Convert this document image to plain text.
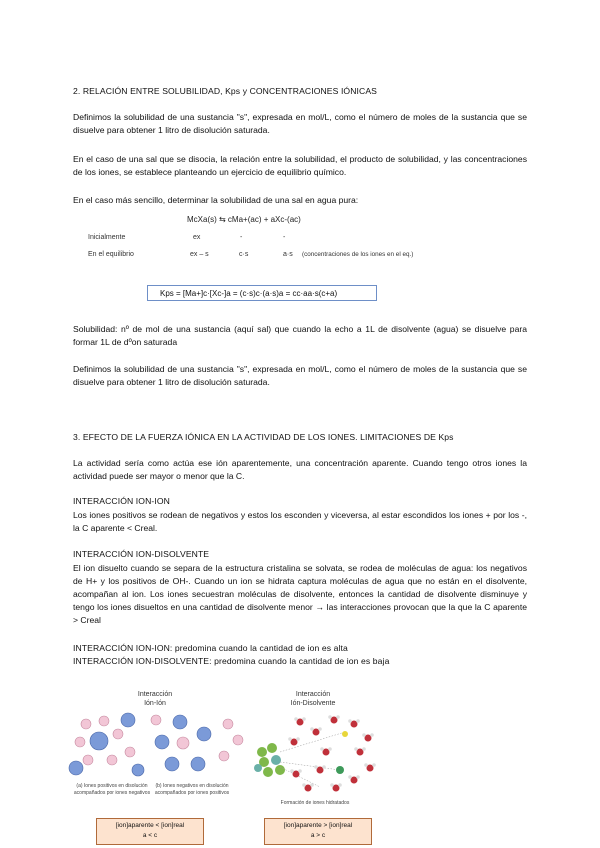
2. RELACIÓN ENTRE SOLUBILIDAD, Kps y CONCENTRACIONES IÓNICAS

Definimos la solubilidad de una sustancia "s", expresada en mol/L, como el número de moles de la sustancia que se disuelve para obtener 1 litro de disolución saturada.

En el caso de una sal que se disocia, la relación entre la solubilidad, el producto de solubilidad, y las concentraciones de los iones, se establece planteando un ejercicio de equilibrio químico.

En el caso más sencillo, determinar la solubilidad de una sal en agua pura:

McXa(s) ⇆ cMa+(ac) + aXc-(ac)
Inicialmente	ex	-	-
En el equilibrio	ex – s	c·s	a·s (concentraciones de los iones en el eq.)
Kps = [Ma+]c·[Xc-]a = (c·s)c·(a·s)a = cc·aa·s(c+a)

Solubilidad: nº de mol de una sustancia (aquí sal) que cuando la echo a 1L de disolvente (agua) se disuelve para formar 1L de dºon saturada

Definimos la solubilidad de una sustancia "s", expresada en mol/L, como el número de moles de la sustancia que se disuelve para obtener 1 litro de disolución saturada.

3. EFECTO DE LA FUERZA IÓNICA EN LA ACTIVIDAD DE LOS IONES. LIMITACIONES DE Kps

La actividad sería como actúa ese ión aparentemente, una concentración aparente. Cuando tengo otros iones la actividad puede ser mayor o menor que la C.

INTERACCIÓN ION-ION

Los iones positivos se rodean de negativos y estos los esconden y viceversa, al estar escondidos los iones + por los -, la C aparente < Creal.

INTERACCIÓN ION-DISOLVENTE

El ion disuelto cuando se separa de la estructura cristalina se solvata, se rodea de moléculas de agua: los negativos de H+ y los positivos de OH-. Cuando un ion se hidrata captura moléculas de agua que no están en el disolvente, acompañan al ion. Los iones secuestran moléculas de disolvente, entonces la cantidad de disolvente disminuye y tengo los iones disueltos en una cantidad de disolvente menor → las interacciones provocan que la que la C aparente > Creal

INTERACCIÓN ION-ION: predomina cuando la cantidad de ion es alta

INTERACCIÓN ION-DISOLVENTE: predomina cuando la cantidad de ion es baja

Interacción
Ión-Ión
(a) Iones positivos en disolución acompañados por iones negativos
(b) Iones negativos en disolución acompañados por iones positivos
[ion]aparente < [ion]real
a < c
Interacción
Ión-Disolvente
Formación de iones hidratados
[ion]aparente > [ion]real
a > c
